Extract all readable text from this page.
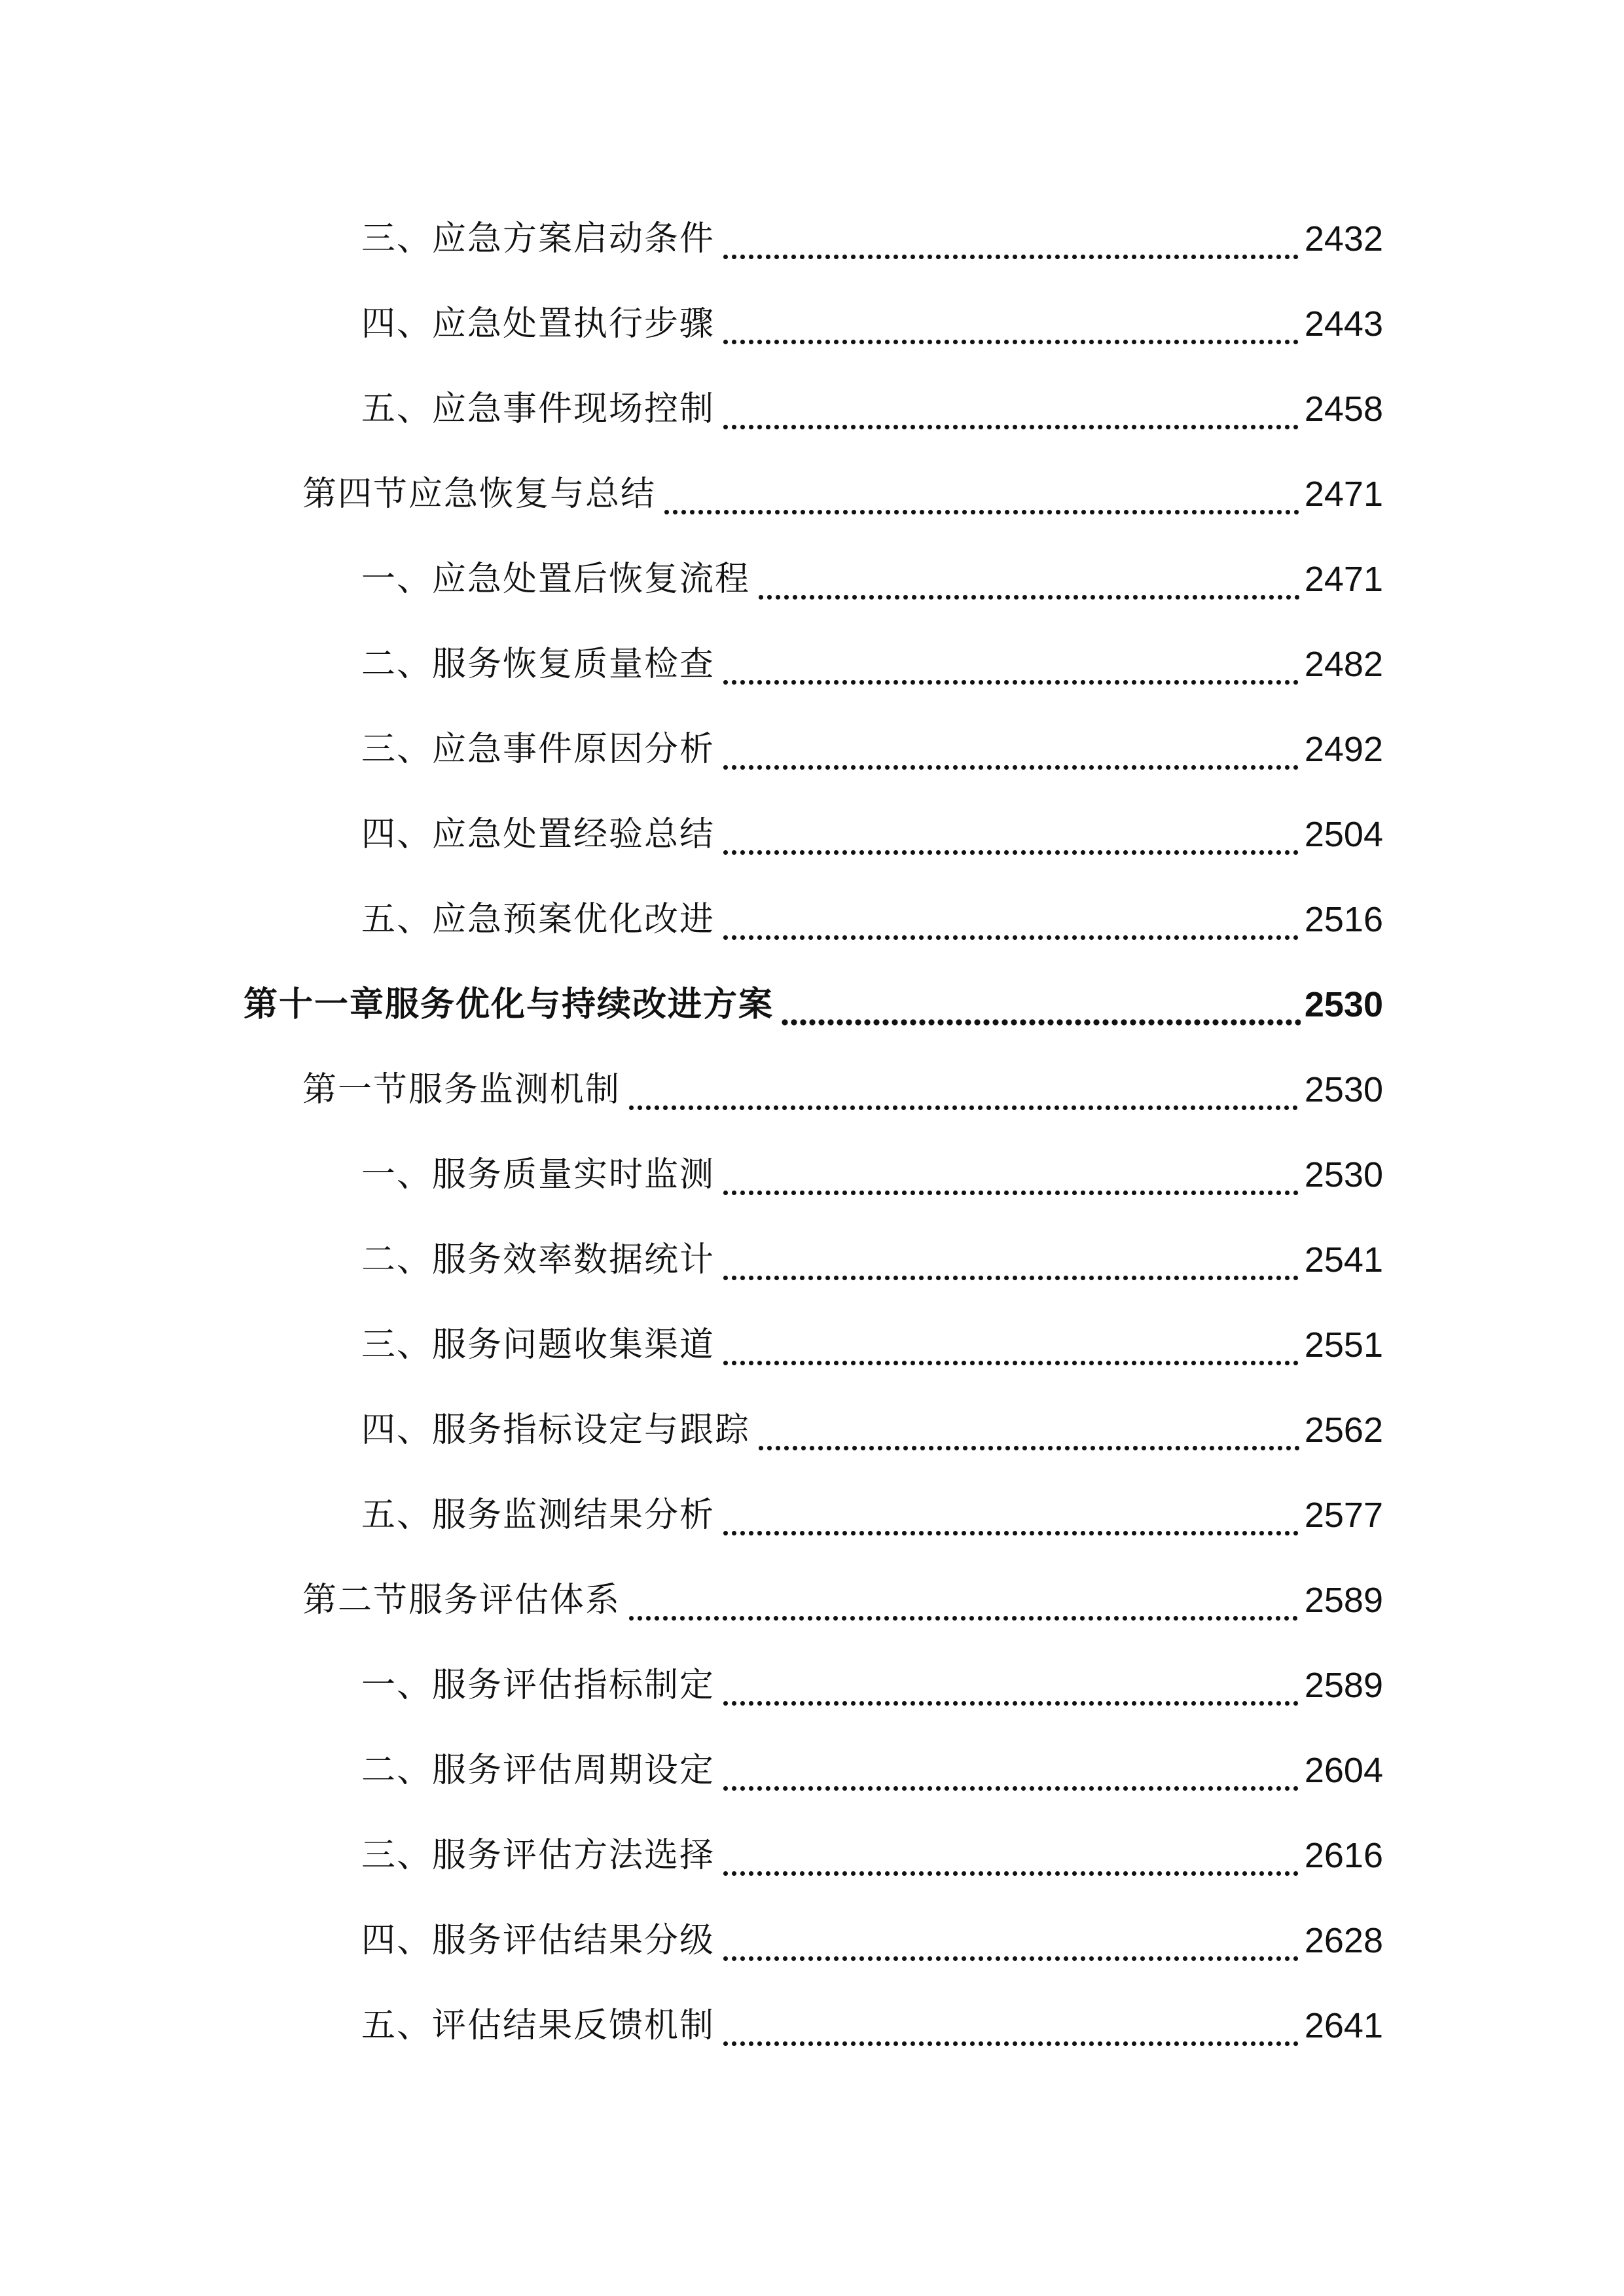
三、应急方案启动条件	2432
四、应急处置执行步骤	2443
五、应急事件现场控制	2458
第四节应急恢复与总结	2471
一、应急处置后恢复流程	2471
二、服务恢复质量检查	2482
三、应急事件原因分析	2492
四、应急处置经验总结	2504
五、应急预案优化改进	2516
第十一章服务优化与持续改进方案	2530
第一节服务监测机制	2530
一、服务质量实时监测	2530
二、服务效率数据统计	2541
三、服务问题收集渠道	2551
四、服务指标设定与跟踪	2562
五、服务监测结果分析	2577
第二节服务评估体系	2589
一、服务评估指标制定	2589
二、服务评估周期设定	2604
三、服务评估方法选择	2616
四、服务评估结果分级	2628
五、评估结果反馈机制	2641
